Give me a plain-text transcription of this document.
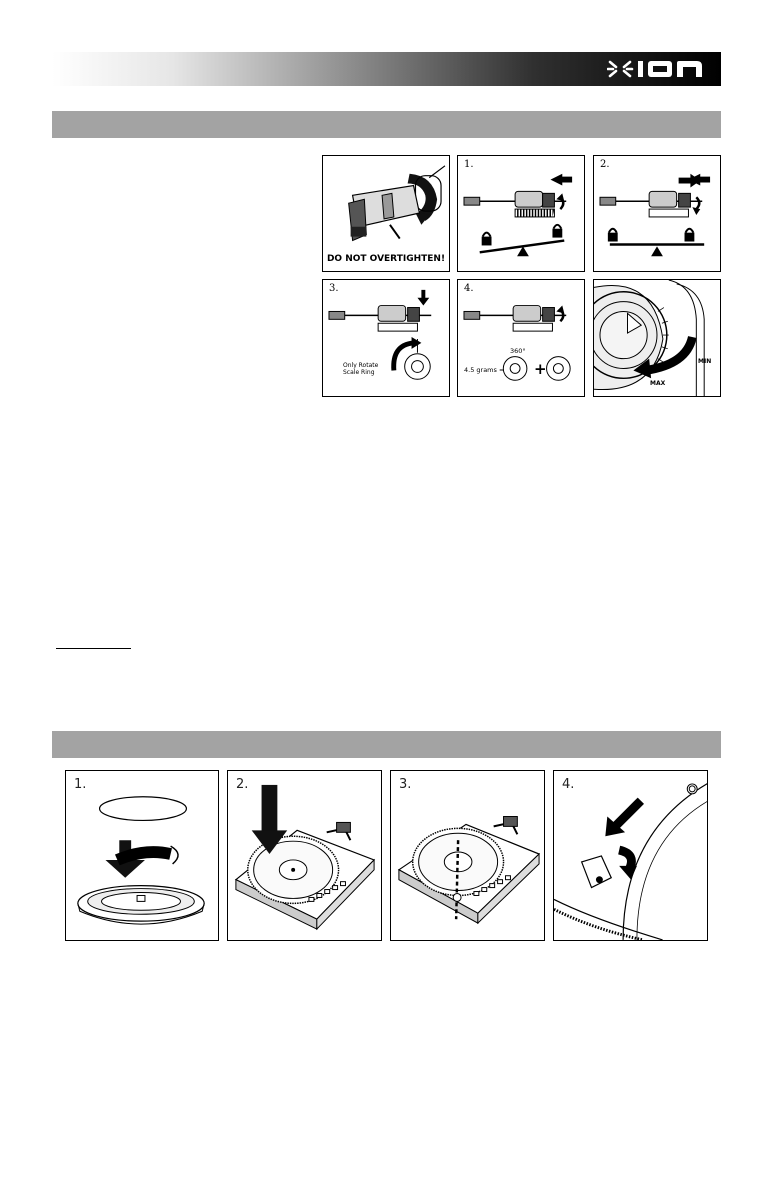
DO NOT OVERTIGHTEN!
1.	2.
3.
Only Rotate
Scale Ring
4.
360°
4.5 grams = +	MIN
MAX
1.	2.	3.	4.
